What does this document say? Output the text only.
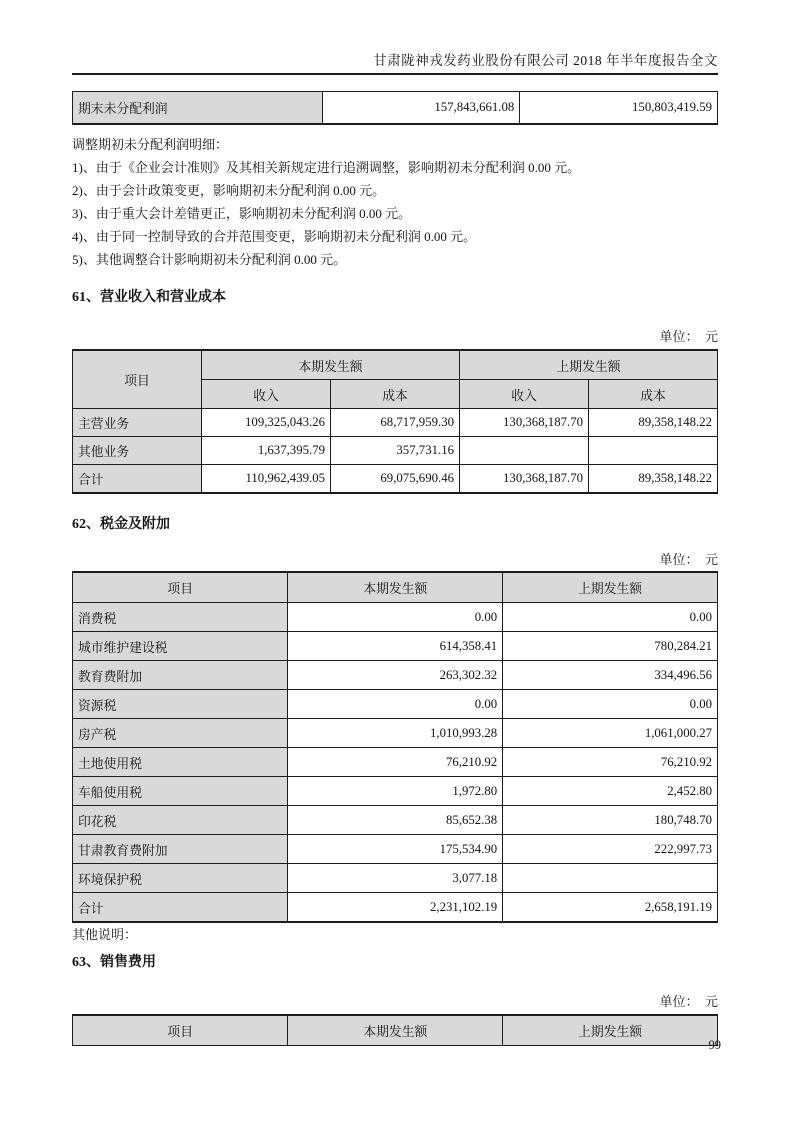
甘肃陇神戎发药业股份有限公司 2018 年半年度报告全文
期末未分配利润	157,843,661.08	150,803,419.59

调整期初未分配利润明细：

1)、由于《企业会计准则》及其相关新规定进行追溯调整，影响期初未分配利润 0.00 元。

2)、由于会计政策变更，影响期初未分配利润 0.00 元。

3)、由于重大会计差错更正，影响期初未分配利润 0.00 元。

4)、由于同一控制导致的合并范围变更，影响期初未分配利润 0.00 元。

5)、其他调整合计影响期初未分配利润 0.00 元。

61、营业收入和营业成本
单位：　元
项目	本期发生额		上期发生额	
	收入	成本	收入	成本
主营业务	109,325,043.26	68,717,959.30	130,368,187.70	89,358,148.22
其他业务	1,637,395.79	357,731.16		
合计	110,962,439.05	69,075,690.46	130,368,187.70	89,358,148.22
62、税金及附加
单位：　元
项目	本期发生额	上期发生额
消费税	0.00	0.00
城市维护建设税	614,358.41	780,284.21
教育费附加	263,302.32	334,496.56
资源税	0.00	0.00
房产税	1,010,993.28	1,061,000.27
土地使用税	76,210.92	76,210.92
车船使用税	1,972.80	2,452.80
印花税	85,652.38	180,748.70
甘肃教育费附加	175,534.90	222,997.73
环境保护税	3,077.18	
合计	2,231,102.19	2,658,191.19

其他说明：

63、销售费用
单位：　元
项目	本期发生额	上期发生额
99
